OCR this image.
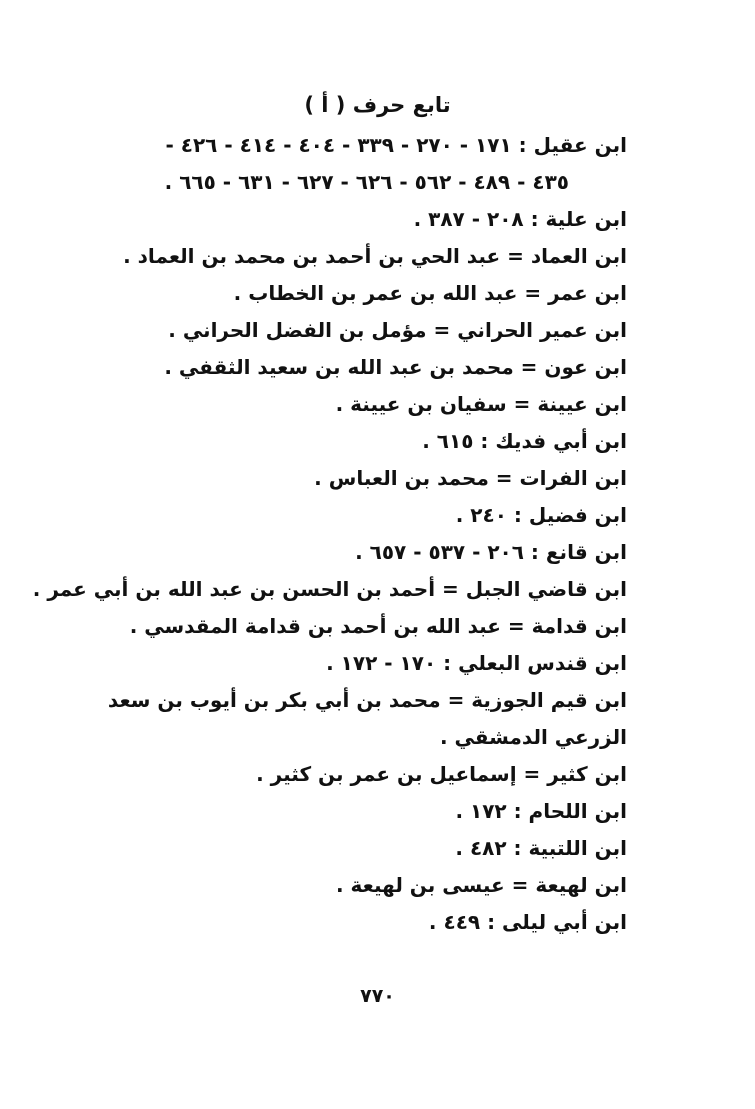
تابع حرف ( أ )
ابن عقيل : ١٧١ - ٢٧٠ - ٣٣٩ - ٤٠٤ - ٤١٤ - ٤٢٦ -
٤٣٥ - ٤٨٩ - ٥٦٢ - ٦٢٦ - ٦٢٧ - ٦٣١ - ٦٦٥ .
ابن علية : ٢٠٨ - ٣٨٧ .
ابن العماد = عبد الحي بن أحمد بن محمد بن العماد .
ابن عمر = عبد الله بن عمر بن الخطاب .
ابن عمير الحراني = مؤمل بن الفضل الحراني .
ابن عون = محمد بن عبد الله بن سعيد الثقفي .
ابن عيينة = سفيان بن عيينة .
ابن أبي فديك : ٦١٥ .
ابن الفرات = محمد بن العباس .
ابن فضيل : ٢٤٠ .
ابن قانع : ٢٠٦ - ٥٣٧ - ٦٥٧ .
ابن قاضي الجبل = أحمد بن الحسن بن عبد الله بن أبي عمر .
ابن قدامة = عبد الله بن أحمد بن قدامة المقدسي .
ابن قندس البعلي : ١٧٠ - ١٧٢ .
ابن قيم الجوزية = محمد بن أبي بكر بن أيوب بن سعد الزرعي الدمشقي .
ابن كثير = إسماعيل بن عمر بن كثير .
ابن اللحام : ١٧٢ .
ابن اللتبية : ٤٨٢ .
ابن لهيعة = عيسى بن لهيعة .
ابن أبي ليلى : ٤٤٩ .
٧٧٠
